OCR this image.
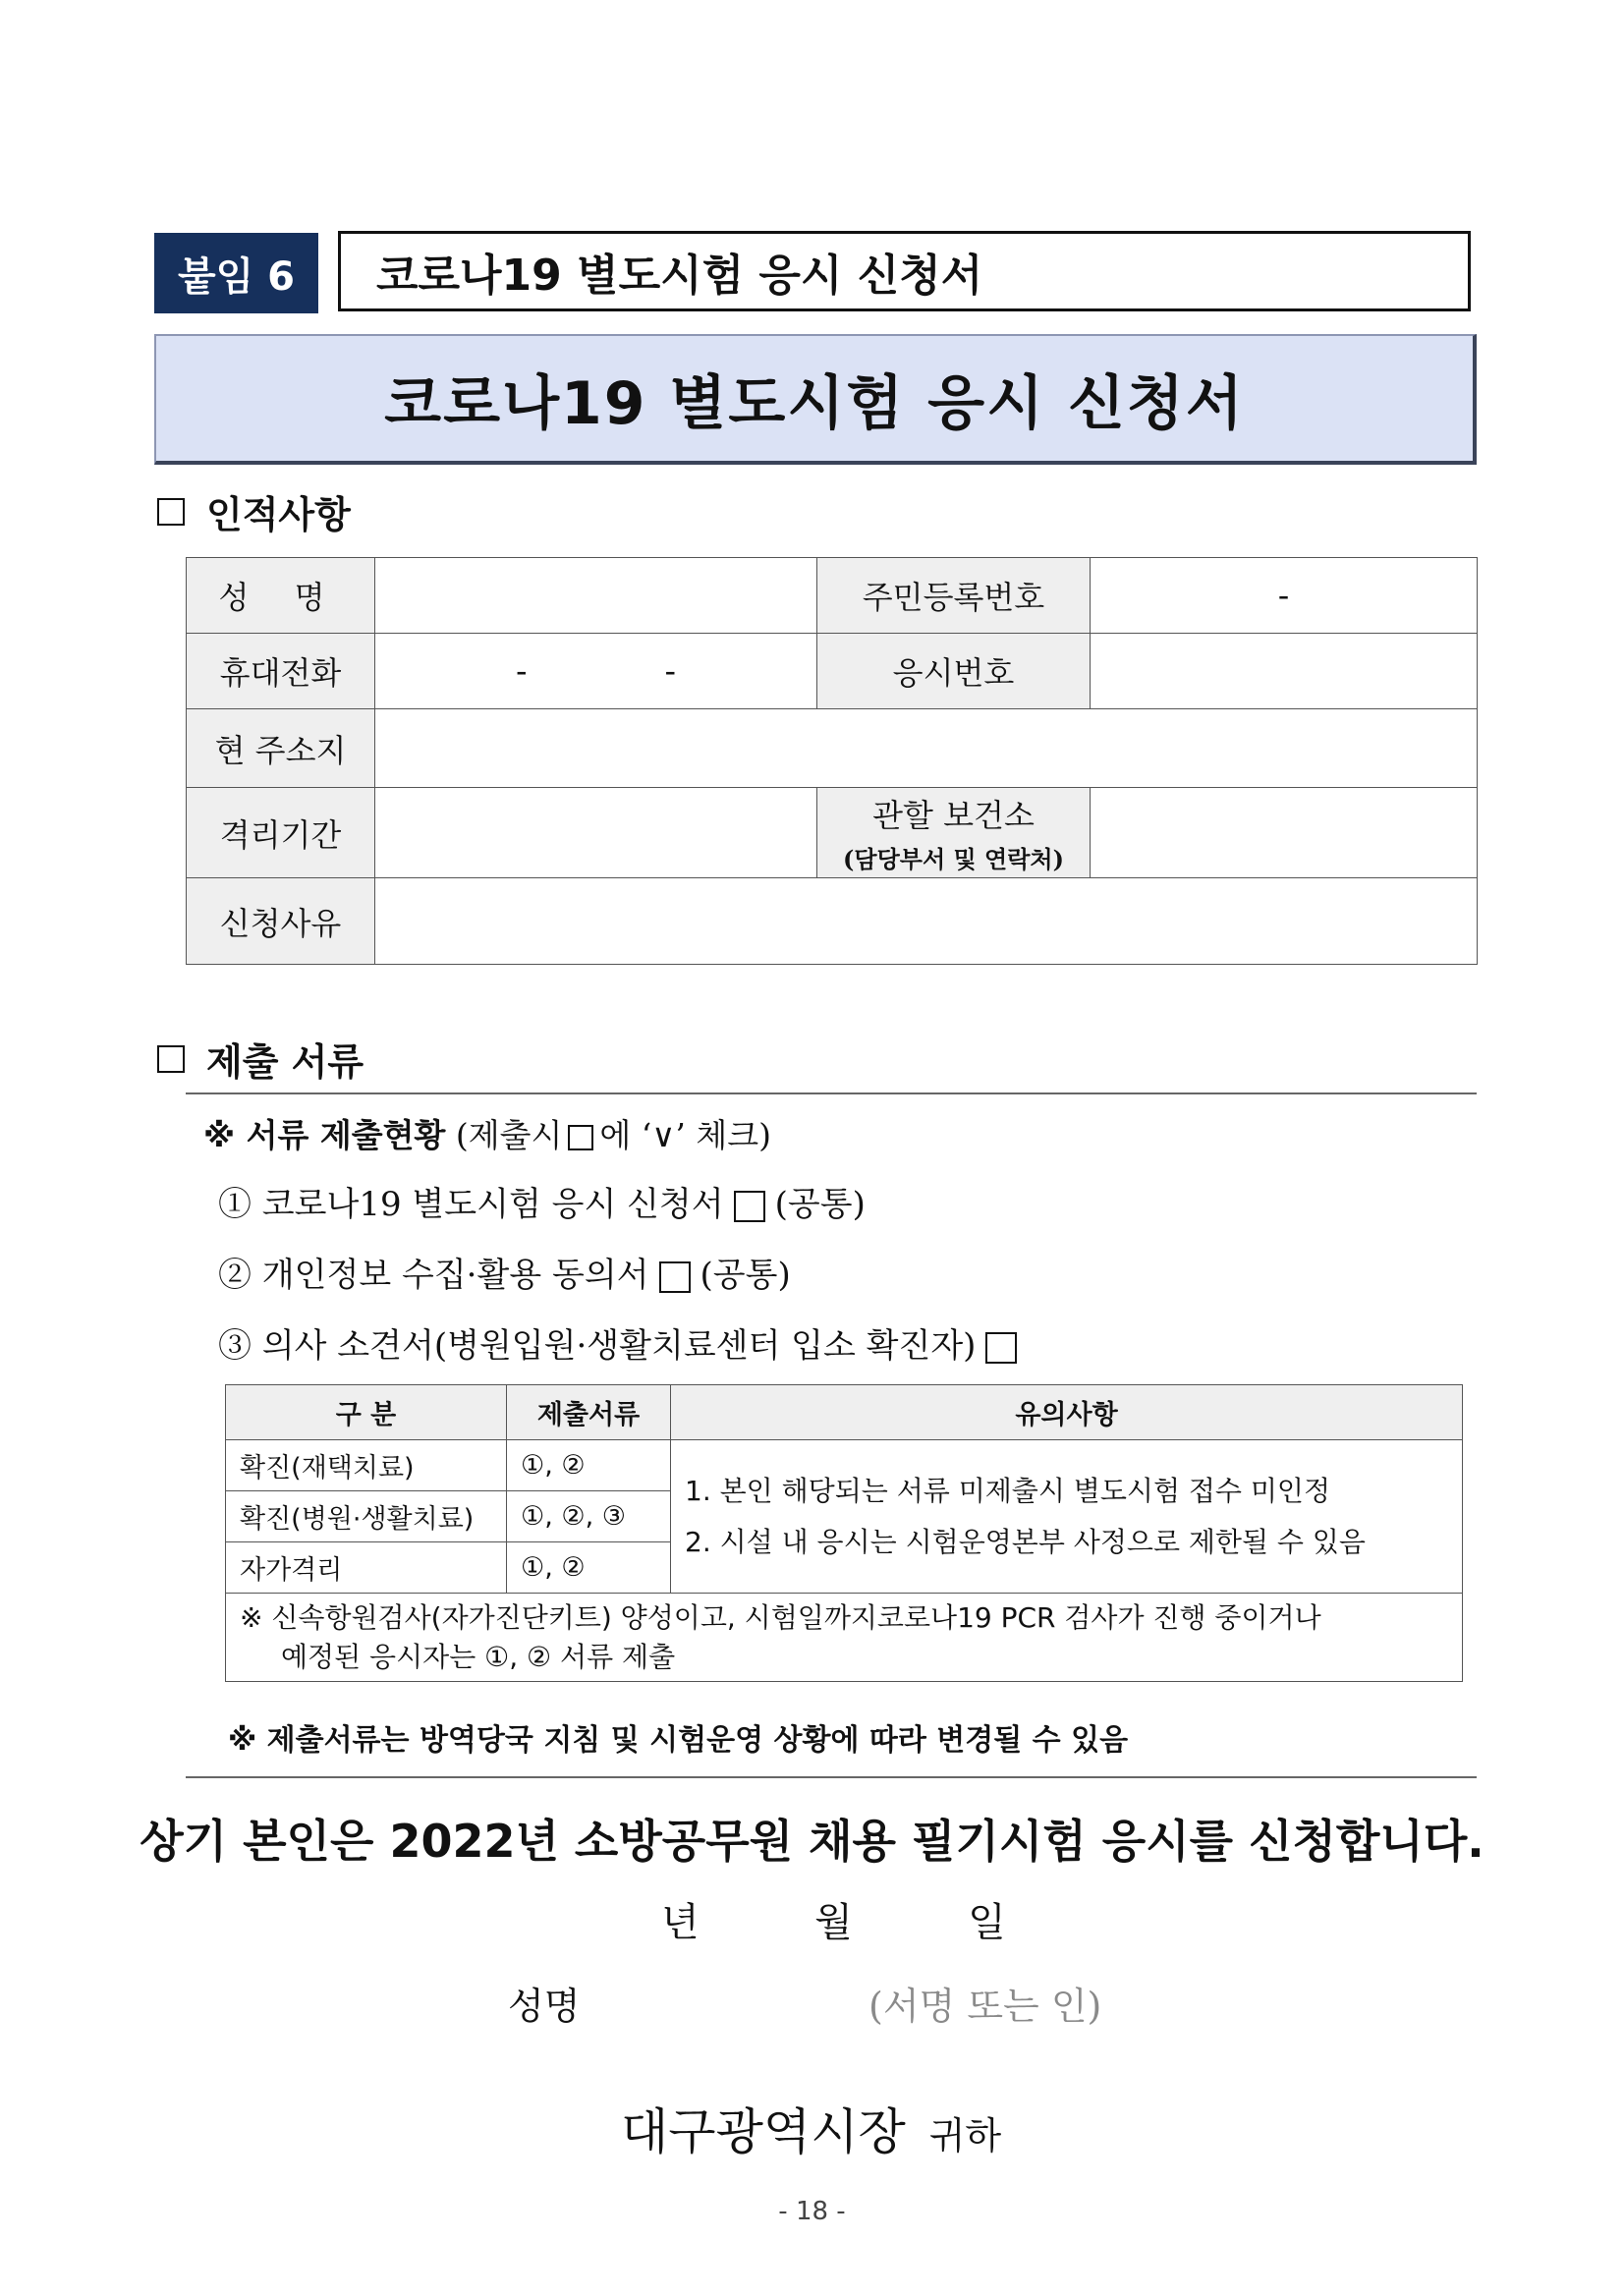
붙임 6	코로나19 별도시험 응시 신청서
코로나19 별도시험 응시 신청서
인적사항
성 명		주민등록번호	-
휴대전화	- -	응시번호	
현 주소지			
격리기간		관할 보건소
(담당부서 및 연락처)	

신청사유			
제출 서류
※ 서류 제출현황 (제출시 에 ‘∨’ 체크)
① 코로나19 별도시험 응시 신청서 (공통)
② 개인정보 수집·활용 동의서 (공통)
③ 의사 소견서(병원입원·생활치료센터 입소 확진자)
구 분	제출서류	유의사항
확진(재택치료)	①, ②	1. 본인 해당되는 서류 미제출시 별도시험 접수 미인정
2. 시설 내 응시는 시험운영본부 사정으로 제한될 수 있음

확진(병원·생활치료)	①, ②, ③	
자가격리	①, ②	

※ 신속항원검사(자가진단키트) 양성이고, 시험일까지코로나19 PCR 검사가 진행 중이거나
예정된 응시자는 ①, ② 서류 제출		
※ 제출서류는 방역당국 지침 및 시험운영 상황에 따라 변경될 수 있음
상기 본인은 2022년 소방공무원 채용 필기시험 응시를 신청합니다.
년	월	일
성명	(서명 또는 인)
대구광역시장 귀하
- 18 -
